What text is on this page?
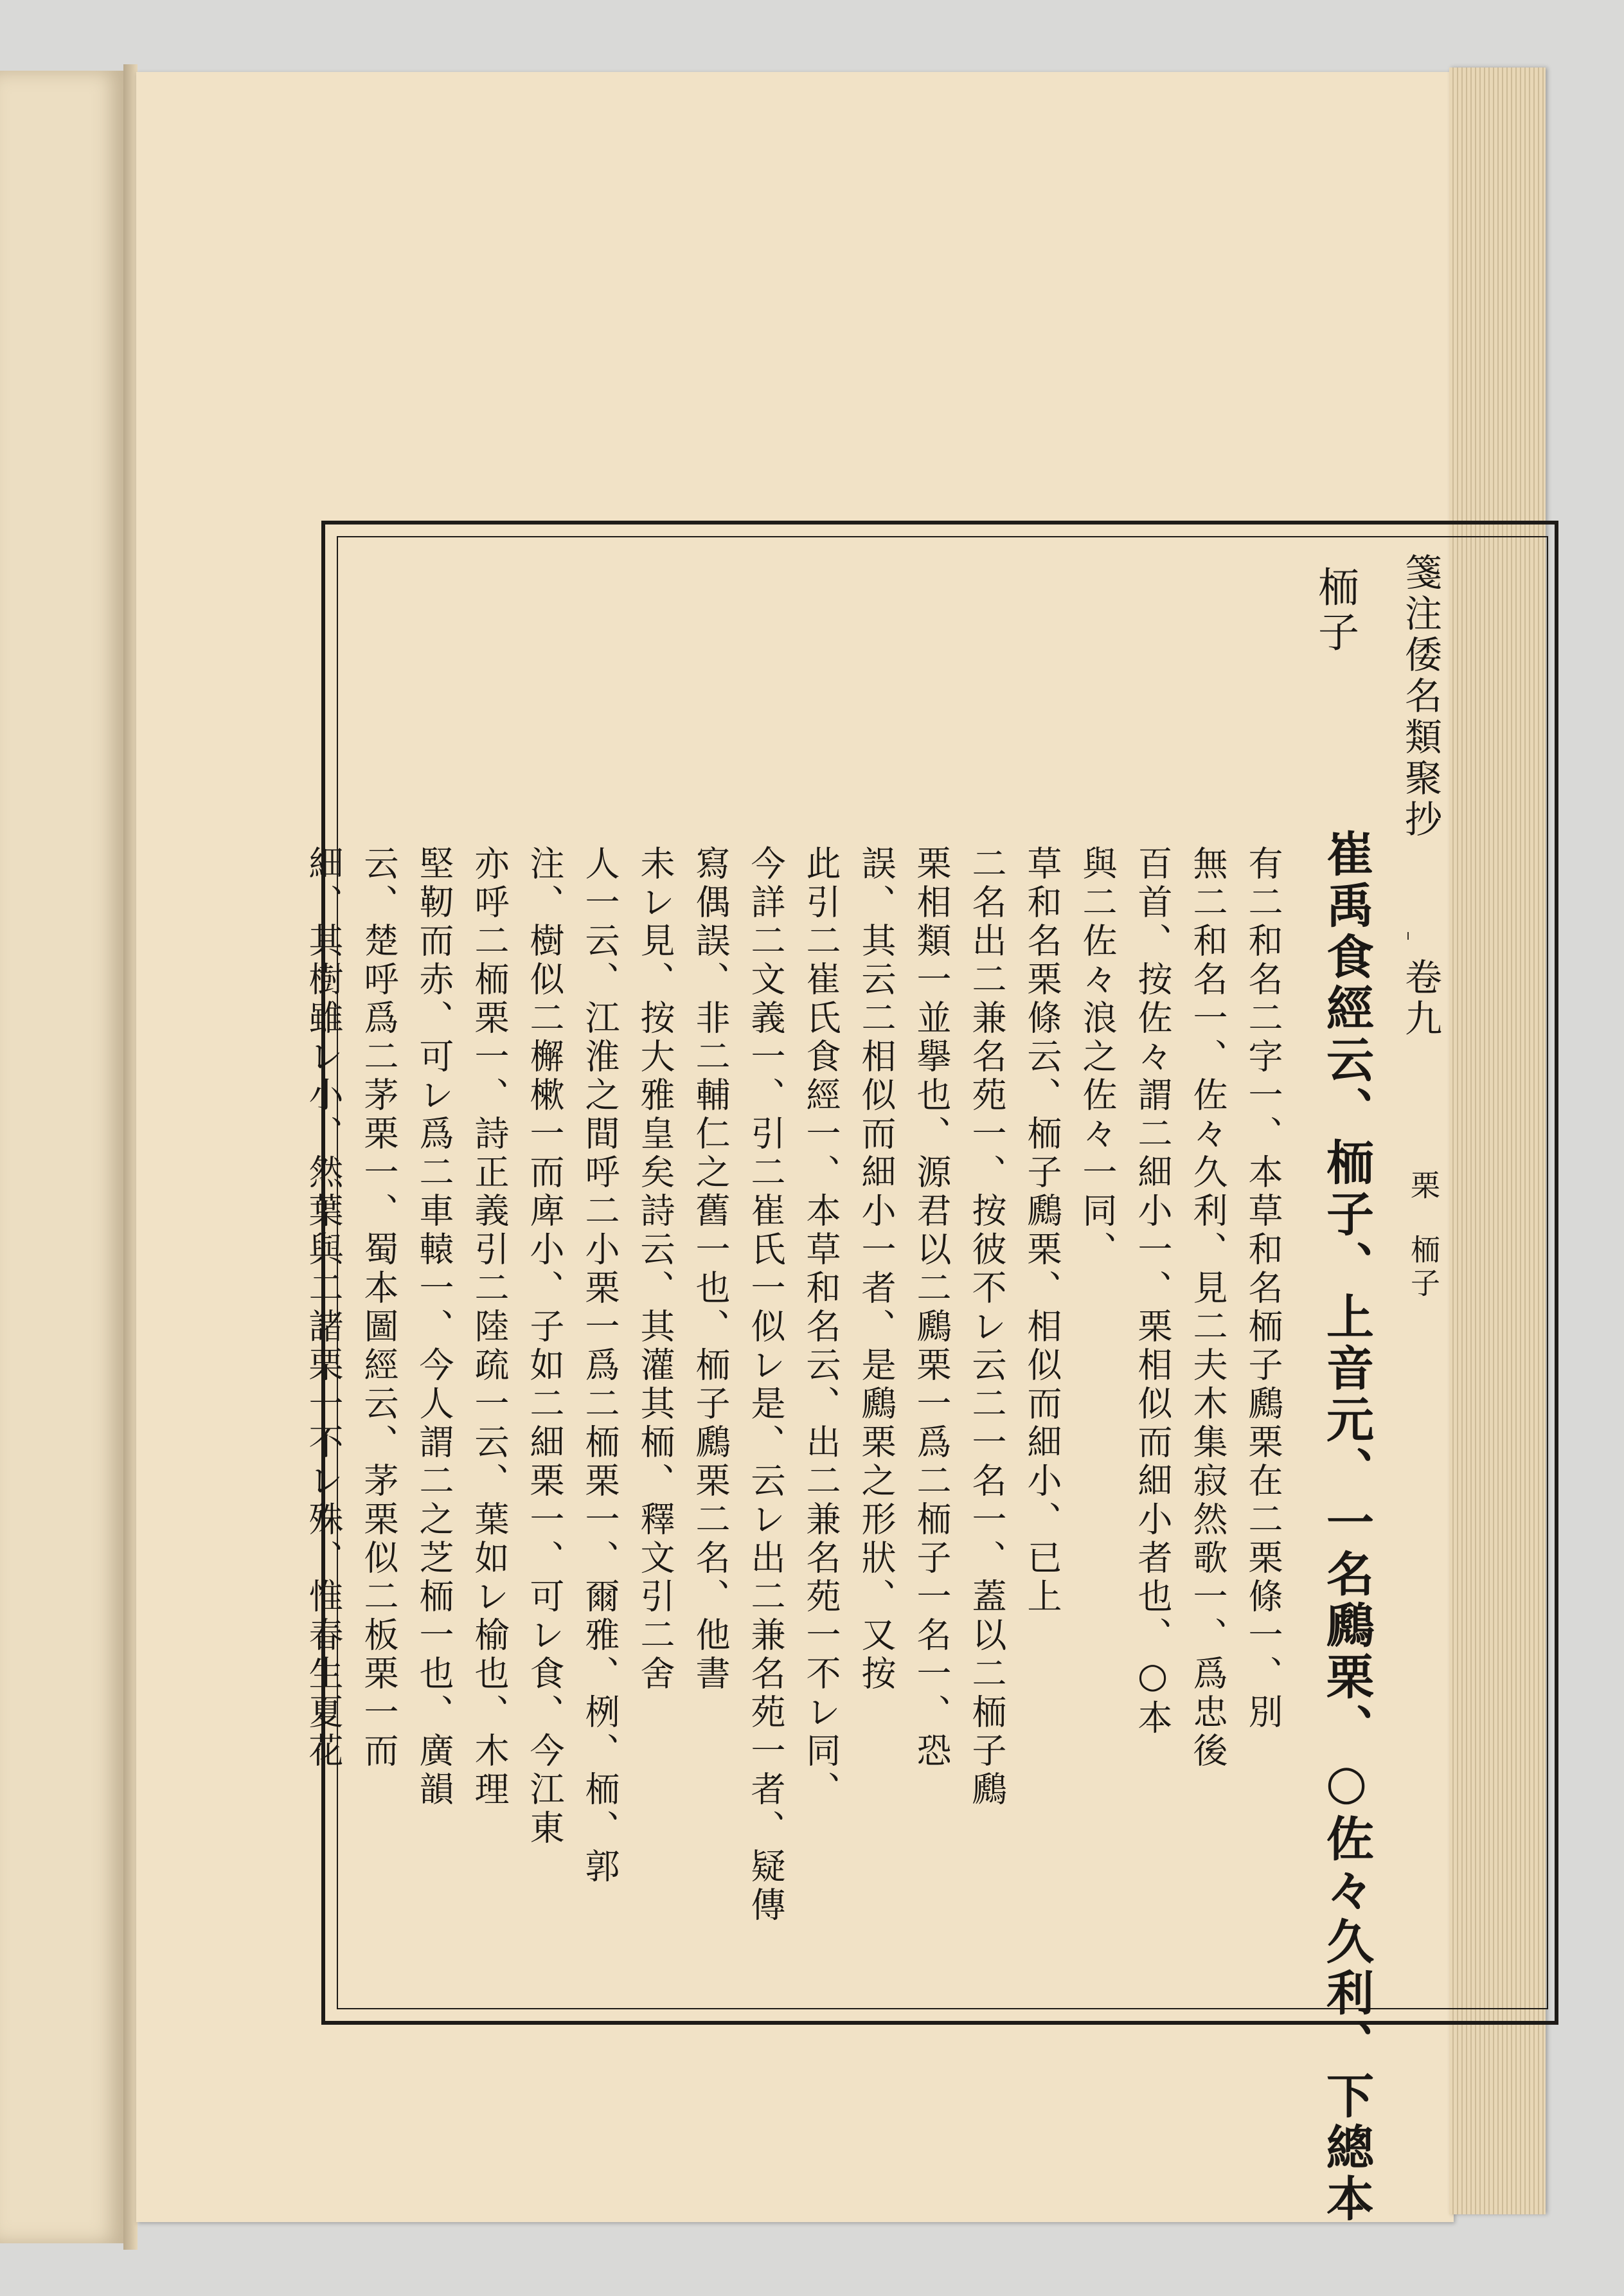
栭子
崔禹食經云、栭子、上音元、一名鷉栗、○佐々久利、下總本
有二和名二字一、本草和名栭子鷉栗在二栗條一、別
無二和名一、佐々久利、見二夫木集寂然歌一、爲忠後
百首、按佐々謂二細小一、栗相似而細小者也、○本
與二佐々浪之佐々一同、
草和名栗條云、栭子鷉栗、相似而細小、已上
二名出二兼名苑一、按彼不レ云二一名一、蓋以二栭子鷉
栗相類一並擧也、源君以二鷉栗一爲二栭子一名一、恐
誤、其云二相似而細小一者、是鷉栗之形狀、又按
此引二崔氏食經一、本草和名云、出二兼名苑一不レ同、
今詳二文義一、引二崔氏一似レ是、云レ出二兼名苑一者、疑傳
寫偶誤、非二輔仁之舊一也、栭子鷉栗二名、他書
未レ見、按大雅皇矣詩云、其灌其栭、釋文引二舍
人一云、江淮之間呼二小栗一爲二栭栗一、爾雅、栵、栭、郭
注、樹似二檞樕一而庳小、子如二細栗一、可レ食、今江東
亦呼二栭栗一、詩正義引二陸疏一云、葉如レ榆也、木理
堅靭而赤、可レ爲二車轅一、今人謂二之芝栭一也、廣韻
云、楚呼爲二茅栗一、蜀本圖經云、茅栗似二板栗一而
細、其樹雖レ小、然葉與二諸栗一不レ殊、惟春生夏花
箋注倭名類聚抄
卷九
栗
栭子
